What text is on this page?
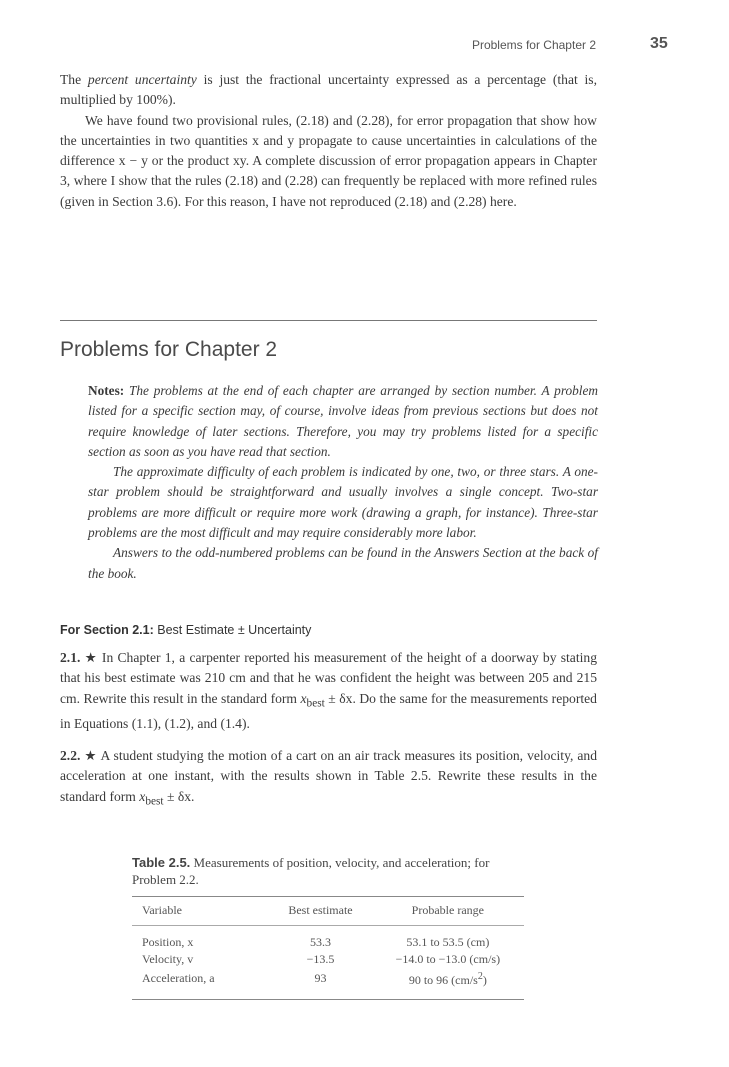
Problems for Chapter 2	35

The percent uncertainty is just the fractional uncertainty expressed as a percentage (that is, multiplied by 100%).

We have found two provisional rules, (2.18) and (2.28), for error propagation that show how the uncertainties in two quantities x and y propagate to cause uncertainties in calculations of the difference x − y or the product xy. A complete discussion of error propagation appears in Chapter 3, where I show that the rules (2.18) and (2.28) can frequently be replaced with more refined rules (given in Section 3.6). For this reason, I have not reproduced (2.18) and (2.28) here.

Problems for Chapter 2

Notes: The problems at the end of each chapter are arranged by section number. A problem listed for a specific section may, of course, involve ideas from previous sections but does not require knowledge of later sections. Therefore, you may try problems listed for a specific section as soon as you have read that section.

The approximate difficulty of each problem is indicated by one, two, or three stars. A one-star problem should be straightforward and usually involves a single concept. Two-star problems are more difficult or require more work (drawing a graph, for instance). Three-star problems are the most difficult and may require considerably more labor.

Answers to the odd-numbered problems can be found in the Answers Section at the back of the book.

For Section 2.1: Best Estimate ± Uncertainty
2.1. ★ In Chapter 1, a carpenter reported his measurement of the height of a doorway by stating that his best estimate was 210 cm and that he was confident the height was between 205 and 215 cm. Rewrite this result in the standard form $x_{best} \pm \delta x$. Do the same for the measurements reported in Equations (1.1), (1.2), and (1.4).
2.2. ★ A student studying the motion of a cart on an air track measures its position, velocity, and acceleration at one instant, with the results shown in Table 2.5. Rewrite these results in the standard form $x_{best} \pm \delta x$.
Table 2.5. Measurements of position, velocity, and acceleration; for Problem 2.2.
Variable	Best estimate	Probable range
Position, x	53.3	53.1 to 53.5 (cm)
Velocity, v	−13.5	−14.0 to −13.0 (cm/s)
Acceleration, a	93	90 to 96 $(cm/s^2)$
